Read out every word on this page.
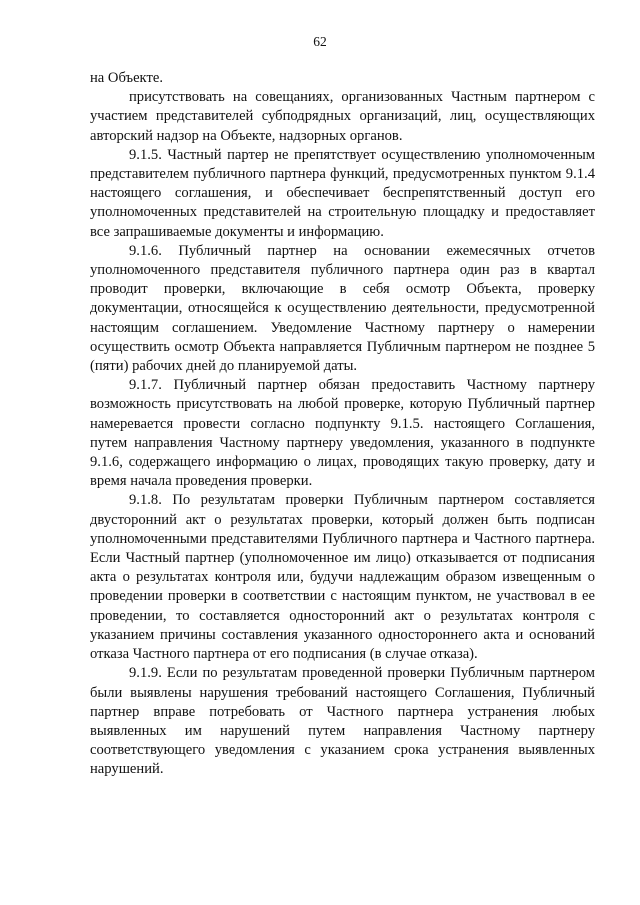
62

на Объекте.

присутствовать на совещаниях, организованных Частным партнером с участием представителей субподрядных организаций, лиц, осуществляющих авторский надзор на Объекте, надзорных органов.

9.1.5. Частный партер не препятствует осуществлению уполномоченным представителем публичного партнера функций, предусмотренных пунктом 9.1.4 настоящего соглашения, и обеспечивает беспрепятственный доступ его уполномоченных представителей на строительную площадку и предоставляет все запрашиваемые документы и информацию.

9.1.6. Публичный партнер на основании ежемесячных отчетов уполномоченного представителя публичного партнера один раз в квартал проводит проверки, включающие в себя осмотр Объекта, проверку документации, относящейся к осуществлению деятельности, предусмотренной настоящим соглашением. Уведомление Частному партнеру о намерении осуществить осмотр Объекта направляется Публичным партнером не позднее 5 (пяти) рабочих дней до планируемой даты.

9.1.7. Публичный партнер обязан предоставить Частному партнеру возможность присутствовать на любой проверке, которую Публичный партнер намеревается провести согласно подпункту 9.1.5. настоящего Соглашения, путем направления Частному партнеру уведомления, указанного в подпункте 9.1.6, содержащего информацию о лицах, проводящих такую проверку, дату и время начала проведения проверки.

9.1.8. По результатам проверки Публичным партнером составляется двусторонний акт о результатах проверки, который должен быть подписан уполномоченными представителями Публичного партнера и Частного партнера. Если Частный партнер (уполномоченное им лицо) отказывается от подписания акта о результатах контроля или, будучи надлежащим образом извещенным о проведении проверки в соответствии с настоящим пунктом, не участвовал в ее проведении, то составляется односторонний акт о результатах контроля с указанием причины составления указанного одностороннего акта и оснований отказа Частного партнера от его подписания (в случае отказа).

9.1.9. Если по результатам проведенной проверки Публичным партнером были выявлены нарушения требований настоящего Соглашения, Публичный партнер вправе потребовать от Частного партнера устранения любых выявленных им нарушений путем направления Частному партнеру соответствующего уведомления с указанием срока устранения выявленных нарушений.
